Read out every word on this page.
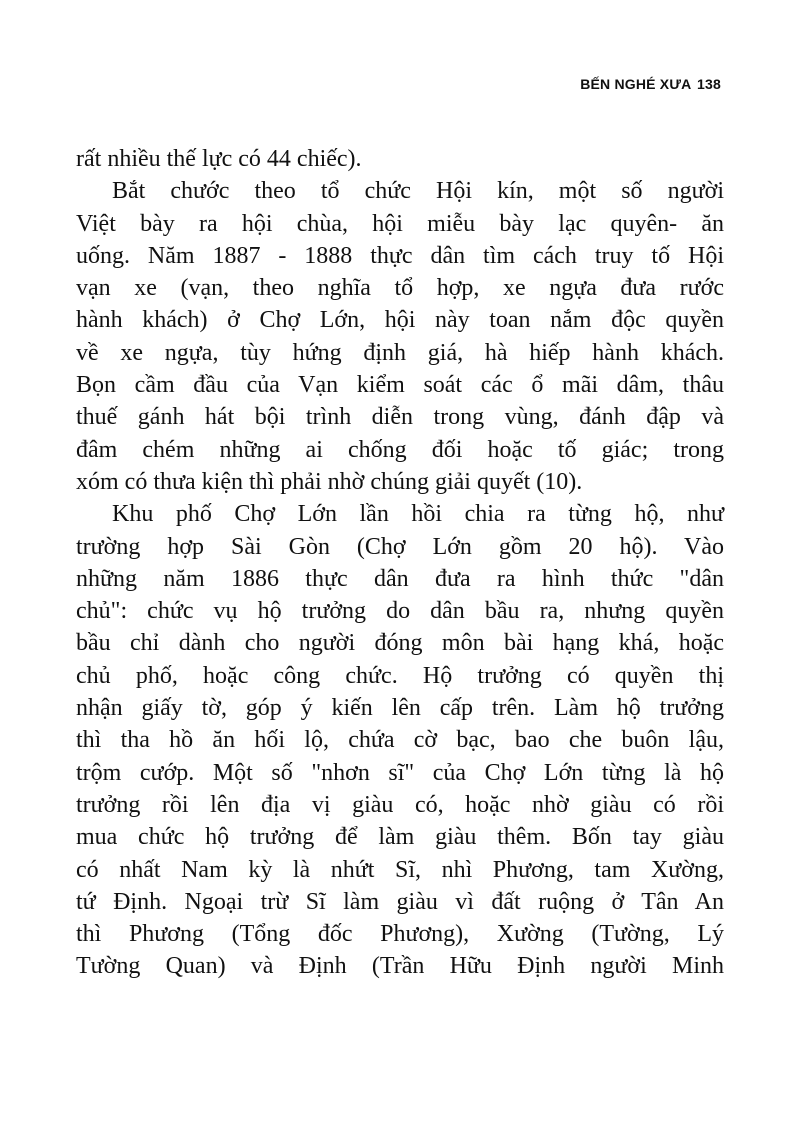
BẾN NGHÉ XƯA 138
rất nhiều thế lực có 44 chiếc).
Bắt chước theo tổ chức Hội kín, một số người
Việt bày ra hội chùa, hội miễu bày lạc quyên- ăn
uống. Năm 1887 - 1888 thực dân tìm cách truy tố Hội
vạn xe (vạn, theo nghĩa tổ hợp, xe ngựa đưa rước
hành khách) ở Chợ Lớn, hội này toan nắm độc quyền
về xe ngựa, tùy hứng định giá, hà hiếp hành khách.
Bọn cầm đầu của Vạn kiểm soát các ổ mãi dâm, thâu
thuế gánh hát bội trình diễn trong vùng, đánh đập và
đâm chém những ai chống đối hoặc tố giác; trong
xóm có thưa kiện thì phải nhờ chúng giải quyết (10).
Khu phố Chợ Lớn lần hồi chia ra từng hộ, như
trường hợp Sài Gòn (Chợ Lớn gồm 20 hộ). Vào
những năm 1886 thực dân đưa ra hình thức "dân
chủ": chức vụ hộ trưởng do dân bầu ra, nhưng quyền
bầu chỉ dành cho người đóng môn bài hạng khá, hoặc
chủ phố, hoặc công chức. Hộ trưởng có quyền thị
nhận giấy tờ, góp ý kiến lên cấp trên. Làm hộ trưởng
thì tha hồ ăn hối lộ, chứa cờ bạc, bao che buôn lậu,
trộm cướp. Một số "nhơn sĩ" của Chợ Lớn từng là hộ
trưởng rồi lên địa vị giàu có, hoặc nhờ giàu có rồi
mua chức hộ trưởng để làm giàu thêm. Bốn tay giàu
có nhất Nam kỳ là nhứt Sĩ, nhì Phương, tam Xường,
tứ Định. Ngoại trừ Sĩ làm giàu vì đất ruộng ở Tân An
thì Phương (Tổng đốc Phương), Xường (Tường, Lý
Tường Quan) và Định (Trần Hữu Định người Minh
